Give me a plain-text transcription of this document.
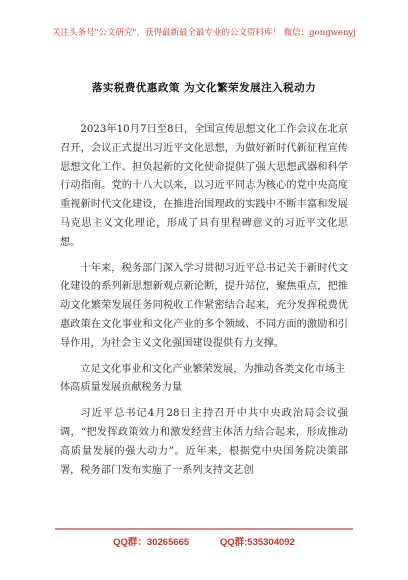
关注头条号"公文研究"，获得最新最全最专业的公文资料库！ 微信：gongwenyj
落实税费优惠政策 为文化繁荣发展注入税动力

2023年10月7日至8日，全国宣传思想文化工作会议在北京召开，会议正式提出习近平文化思想，为做好新时代新征程宣传思想文化工作、担负起新的文化使命提供了强大思想武器和科学行动指南。党的十八大以来，以习近平同志为核心的党中央高度重视新时代文化建设，在推进治国理政的实践中不断丰富和发展马克思主义文化理论，形成了具有里程碑意义的习近平文化思想。

十年来，税务部门深入学习贯彻习近平总书记关于新时代文化建设的系列新思想新观点新论断，提升站位，聚焦重点，把推动文化繁荣发展任务同税收工作紧密结合起来，充分发挥税费优惠政策在文化事业和文化产业的多个领域、不同方面的激励和引导作用，为社会主义文化强国建设提供有力支撑。

立足文化事业和文化产业繁荣发展，为推动各类文化市场主体高质量发展贡献税务力量

习近平总书记4月28日主持召开中共中央政治局会议强调，“把发挥政策效力和激发经营主体活力结合起来，形成推动高质量发展的强大动力”。近年来，根据党中央国务院决策部署，税务部门发布实施了一系列支持文艺创

QQ群：30265665	QQ群:535304092
